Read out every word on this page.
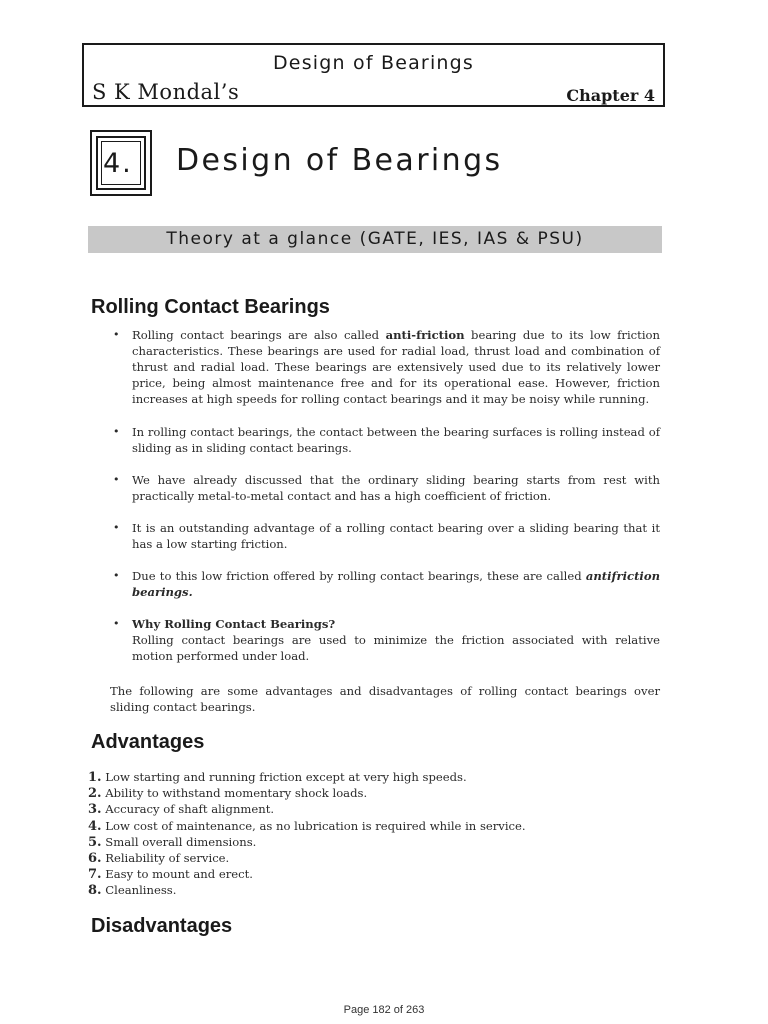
Design of Bearings
S K Mondal’s	Chapter 4
4. Design of Bearings
Theory at a glance (GATE, IES, IAS & PSU)
Rolling Contact Bearings
• Rolling contact bearings are also called anti-friction bearing due to its low friction characteristics. These bearings are used for radial load, thrust load and combination of thrust and radial load. These bearings are extensively used due to its relatively lower price, being almost maintenance free and for its operational ease. However, friction increases at high speeds for rolling contact bearings and it may be noisy while running.
• In rolling contact bearings, the contact between the bearing surfaces is rolling instead of sliding as in sliding contact bearings.
• We have already discussed that the ordinary sliding bearing starts from rest with practically metal-to-metal contact and has a high coefficient of friction.
• It is an outstanding advantage of a rolling contact bearing over a sliding bearing that it has a low starting friction.
• Due to this low friction offered by rolling contact bearings, these are called antifriction bearings.
• Why Rolling Contact Bearings?
Rolling contact bearings are used to minimize the friction associated with relative motion performed under load.
The following are some advantages and disadvantages of rolling contact bearings over sliding contact bearings.
Advantages
1. Low starting and running friction except at very high speeds.
2. Ability to withstand momentary shock loads.
3. Accuracy of shaft alignment.
4. Low cost of maintenance, as no lubrication is required while in service.
5. Small overall dimensions.
6. Reliability of service.
7. Easy to mount and erect.
8. Cleanliness.
Disadvantages
Page 182 of 263
